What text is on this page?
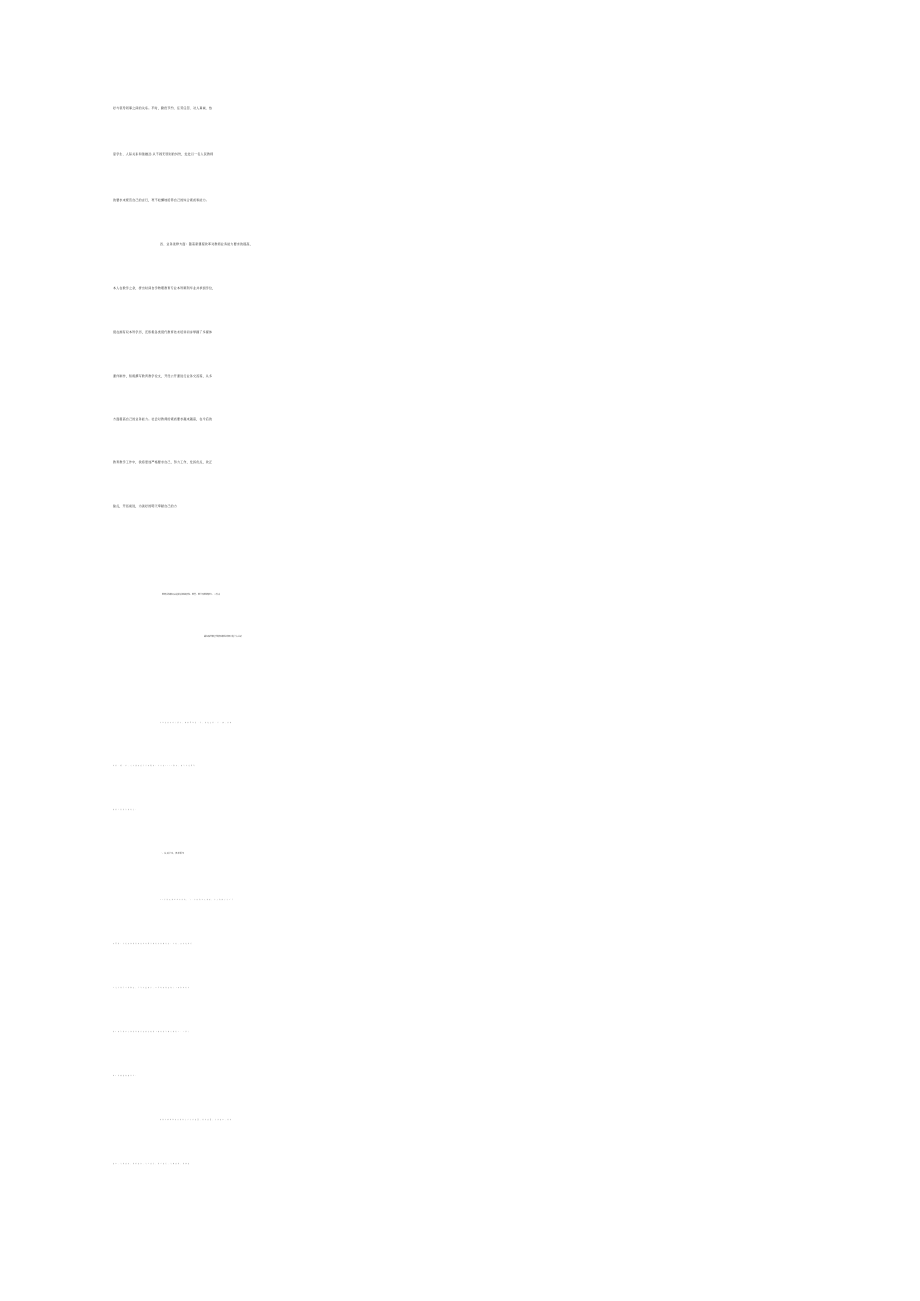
好与领导同事之间的关系。平时，勤俭节约、任劳任怨、对人真诚、热
爱学生、人际关系和谐融洽,从不闹无原则的纠纷，处处以一名人民教师
的要求来规范自己的言行，毫不松懈地培养自己的综合素质和能力。
四、业务进修方面：随着新课程改革对教师业务能力要求的提高，
本人在教学之余，挤出时间自学物理教育专业本科顺利毕业并拿到学位，
现在拥有双本科学历，还积极各类现代教育技术培训初步掌握了多媒体
课件制作，积极撰写教育教学论文，开设公开课进行业务交流等，从多
方面提高自己的业务能力。社会对教师的素质要求越来越高，在今后的
教育教学工作中，我将更加严格要求自己，努力工作，发扬优点，改正
缺点，开拓前进，为美好的明天奉献自己的力
教师任现职以来的政治思想表现、教育、教学及教研能力、工作成
绩和履行职责等情况职称评审申报个人总结
不经意间又到了期末，细细回味这一年，那逝去的一点一滴，那收
获的一棵一粒，无不渗透着辛苦和酸甜。为评比****职称，如今在这里对
我的工作作自我鉴定。
一、认真学习，修德养身
20年的从教经验告诉我，当一个好的幼儿教师，个人的德行是至关
重要的。言传身教的作用比任何语言教育来得都直接。为此，从来没有停
止过自我学习的脚步，今年亦复如是，业余时间我看完了《和谐拯救危
机》和台湾社会教育讲师蔡礼旭老师的《如何落实德行教育》、《弟子
规》等精彩视频讲座。
深知厚德载物以及欲得天下先治其国，欲治其国，先齐其家，欲齐
其家，先修其身，欲修其身，先正其心，欲正其心，先致其知，欲致其
